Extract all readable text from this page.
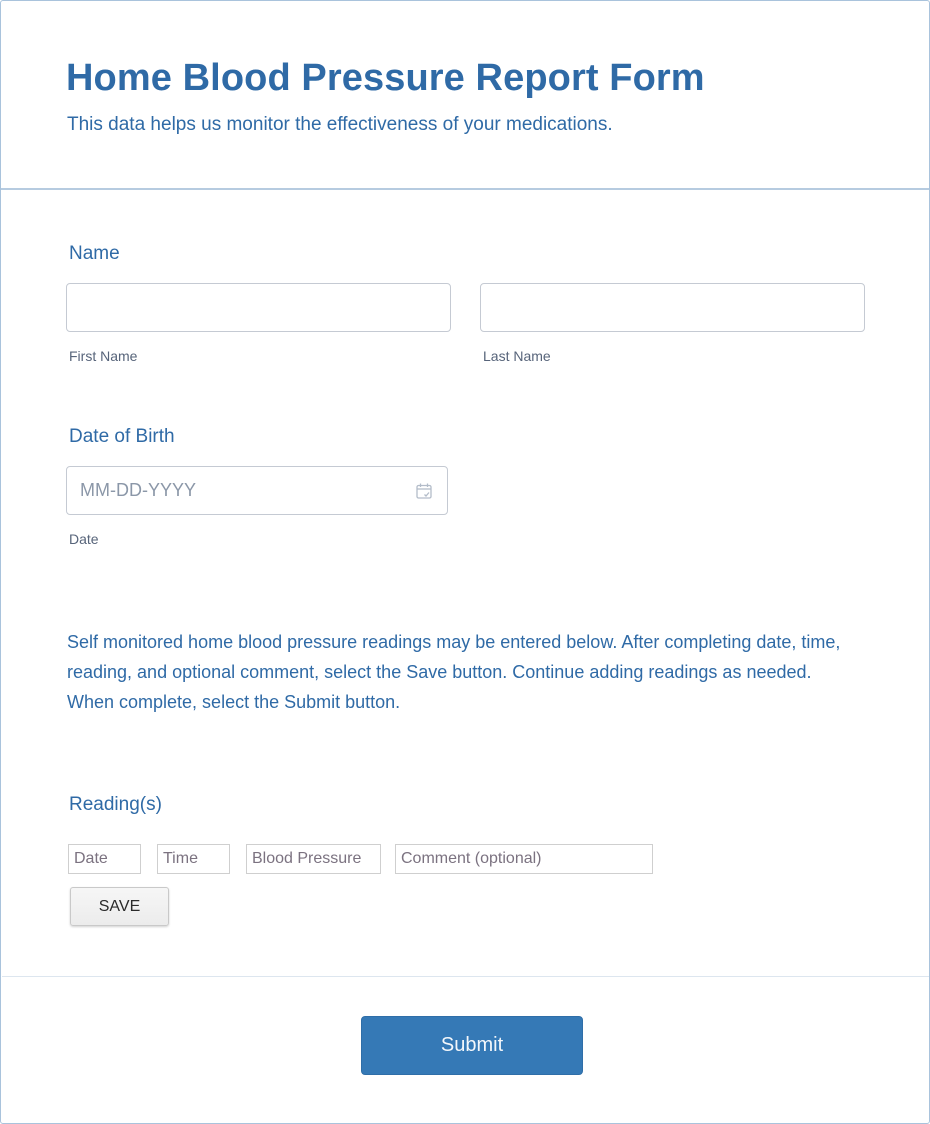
Home Blood Pressure Report Form

This data helps us monitor the effectiveness of your medications.

Name
First Name	Last Name
Date of Birth
MM-DD-YYYY
Date

Self monitored home blood pressure readings may be entered below. After completing date, time, reading, and optional comment, select the Save button. Continue adding readings as needed. When complete, select the Submit button.

Reading(s)
Date
Time
Blood Pressure
Comment (optional)
SAVE
Submit
